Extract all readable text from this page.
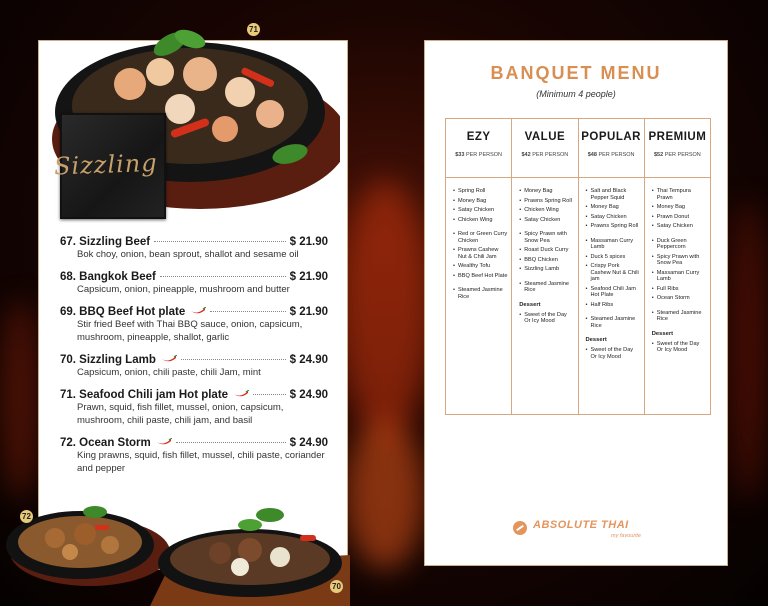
71
Sizzling
67. Sizzling Beef	$ 21.90
Bok choy, onion, bean sprout, shallot and sesame oil
68. Bangkok Beef	$ 21.90
Capsicum, onion, pineapple, mushroom and butter
69. BBQ Beef Hot plate	$ 21.90
Stir fried Beef with Thai BBQ sauce, onion, capsicum, mushroom, pineapple, shallot, garlic
70. Sizzling Lamb	$ 24.90
Capsicum, onion, chili paste, chili Jam, mint
71. Seafood Chili jam Hot plate	$ 24.90
Prawn, squid, fish fillet, mussel, onion, capsicum, mushroom, chili paste, chili jam, and basil
72. Ocean Storm	$ 24.90
King prawns, squid, fish fillet, mussel, chili paste, coriander and pepper
72
70
BANQUET MENU
(Minimum 4 people)
EZY
$33 PER PERSON
• Spring Roll
• Money Bag
• Satay Chicken
• Chicken Wing
• Red or Green Curry Chicken
• Prawns Cashew Nut & Chili Jam
• Wealthy Tofu
• BBQ Beef Hot Plate
• Steamed Jasmine Rice
VALUE
$42 PER PERSON
• Money Bag
• Prawns Spring Roll
• Chicken Wing
• Satay Chicken
• Spicy Prawn with Snow Pea
• Roast Duck Curry
• BBQ Chicken
• Sizzling Lamb
• Steamed Jasmine Rice
Dessert
• Sweet of the Day Or Icy Mood
POPULAR
$48 PER PERSON
• Salt and Black Pepper Squid
• Money Bag
• Satay Chicken
• Prawns Spring Roll
• Massaman Curry Lamb
• Duck 5 spices
• Crispy Pork Cashew Nut & Chili jam
• Seafood Chili Jam Hot Plate
• Half Ribs
• Steamed Jasmine Rice
Dessert
• Sweet of the Day Or Icy Mood
PREMIUM
$52 PER PERSON
• Thai Tempura Prawn
• Money Bag
• Prawn Donut
• Satay Chicken
• Duck Green Peppercorn
• Spicy Prawn with Snow Pea
• Massaman Curry Lamb
• Full Ribs
• Ocean Storm
• Steamed Jasmine Rice
Dessert
• Sweet of the Day Or Icy Mood
ABSOLUTE THAI
my favourite
